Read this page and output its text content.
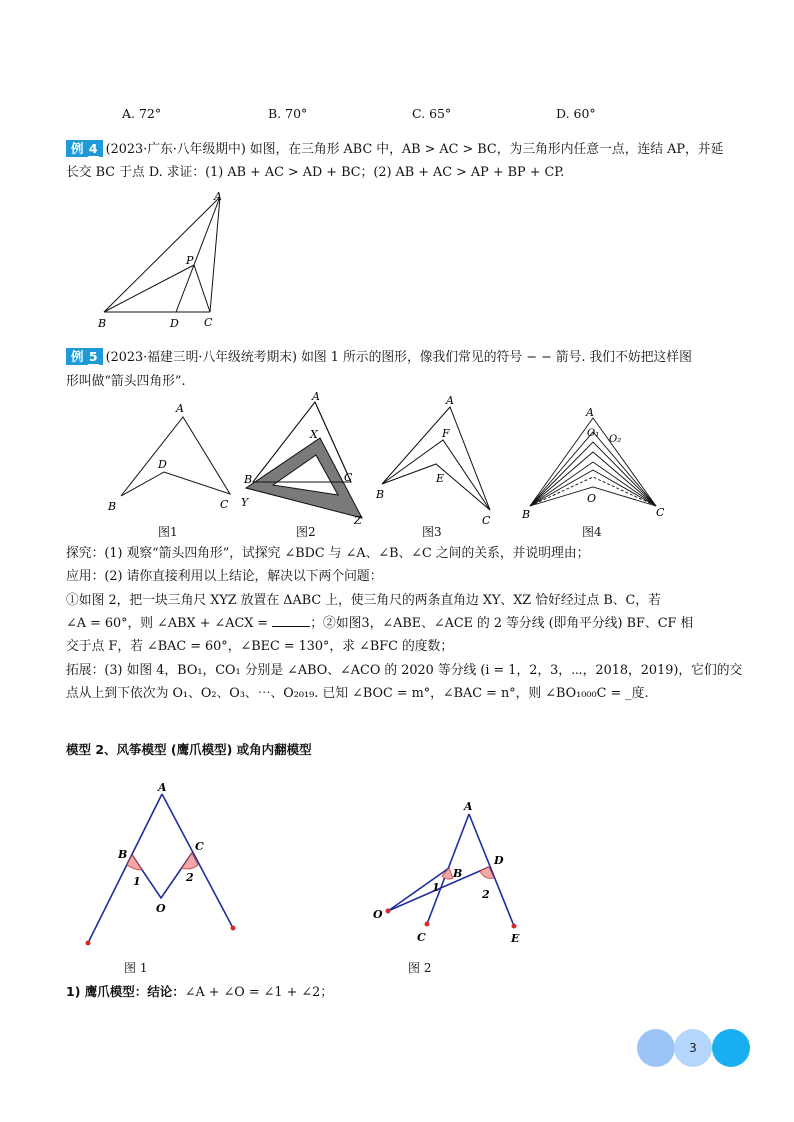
A. 72°	B. 70°	C. 65°	D. 60°
例 4 (2023·广东·八年级期中) 如图，在三角形 ABC 中，AB > AC > BC，为三角形内任意一点，连结 AP，并延
长交 BC 于点 D. 求证：(1) AB + AC > AD + BC；(2) AB + AC > AP + BP + CP.
A
P
B	D C
例 5 (2023·福建三明·八年级统考期末) 如图 1 所示的图形，像我们常见的符号 − − 箭号. 我们不妨把这样图
形叫做“箭头四角形”.
A
D
B	C
图1
A
X
B	C
Y
Z
图2
A
F
E
B
C
图3
A
O₁
O₂
O
B	C
图4
探究：(1) 观察“箭头四角形”，试探究 ∠BDC 与 ∠A、∠B、∠C 之间的关系，并说明理由；
应用：(2) 请你直接利用以上结论，解决以下两个问题：
①如图 2，把一块三角尺 XYZ 放置在 ΔABC 上，使三角尺的两条直角边 XY、XZ 恰好经过点 B、C，若
∠A = 60°，则 ∠ABX + ∠ACX =	；②如图3，∠ABE、∠ACE 的 2 等分线 (即角平分线) BF、CF 相
交于点 F，若 ∠BAC = 60°，∠BEC = 130°，求 ∠BFC 的度数；
拓展：(3) 如图 4，BO₁，CO₁ 分别是 ∠ABO、∠ACO 的 2020 等分线 (i = 1，2，3，⋯，2018，2019)，它们的交
点从上到下依次为 O₁、O₂、O₃、⋯、O₂₀₁₉. 已知 ∠BOC = m°，∠BAC = n°，则 ∠BO₁₀₀₀C = _度.
模型 2、风筝模型 (鹰爪模型) 或角内翻模型
A
B
C
O
1	2
图 1
A
B
D
O
C	E
1
2
图 2
1) 鹰爪模型：结论：∠A + ∠O = ∠1 + ∠2；
3
